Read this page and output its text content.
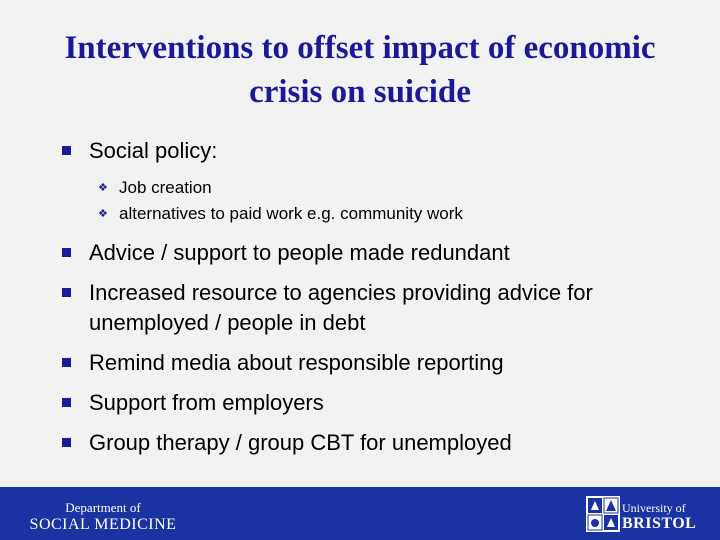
Interventions to offset impact of economic crisis on suicide
Social policy:
❖ Job creation
❖ alternatives to paid work e.g. community work
Advice / support to people made redundant
Increased resource to agencies providing advice for unemployed / people in debt
Remind media about responsible reporting
Support from employers
Group therapy / group CBT for unemployed
Department of
SOCIAL MEDICINE
University of
BRISTOL
